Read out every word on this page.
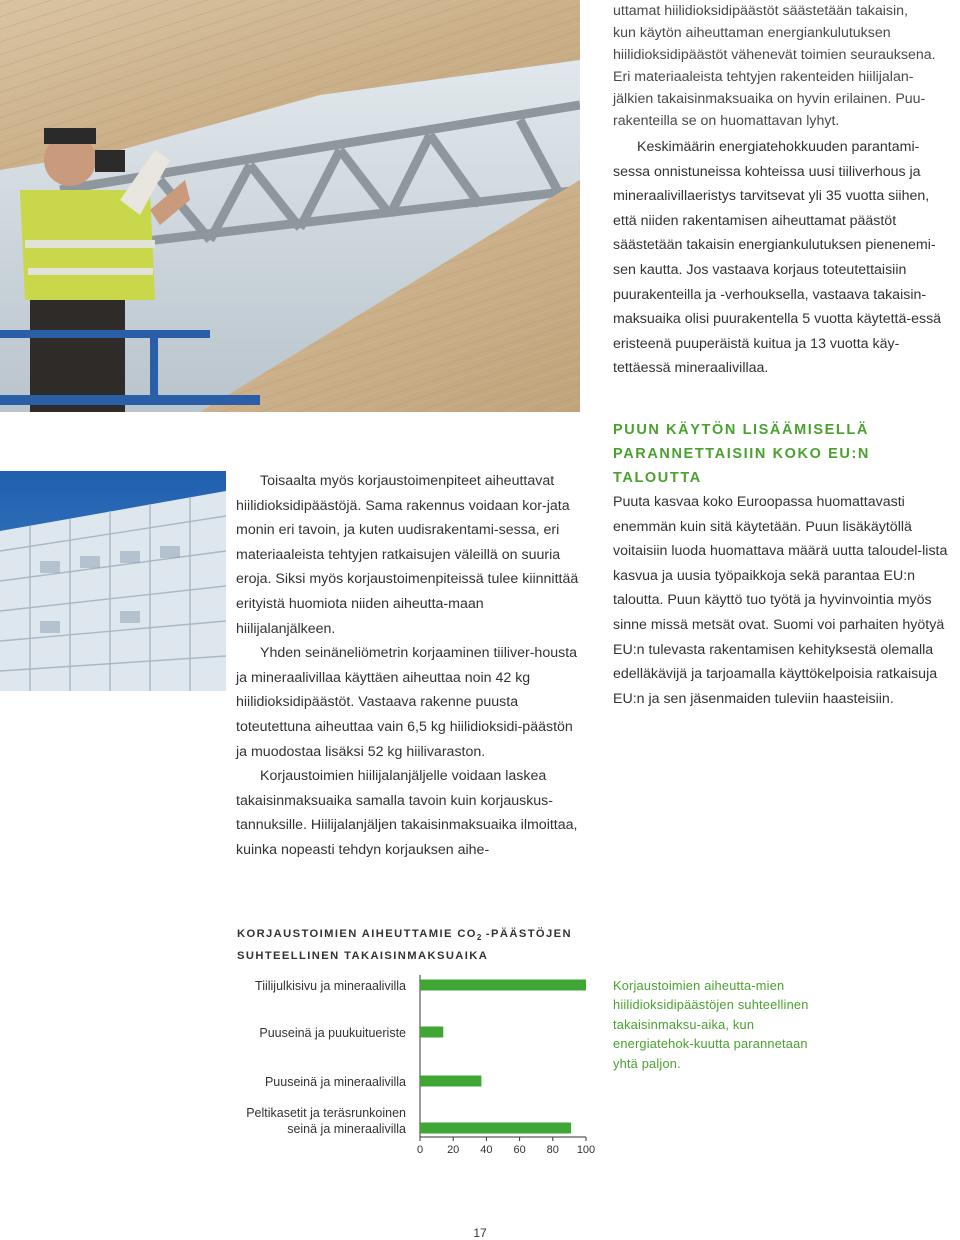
uttamat hiilidioksidipäästöt säästetään takaisin,

kun käytön aiheuttaman energiankulutuksen

hiilidioksidipäästöt vähenevät toimien seurauksena.

Eri materiaaleista tehtyjen rakenteiden hiilijalan-

jälkien takaisinmaksuaika on hyvin erilainen. Puu-

rakenteilla se on huomattavan lyhyt.

Keskimäärin energiatehokkuuden parantami-sessa onnistuneissa kohteissa uusi tiiliverhous ja mineraalivillaeristys tarvitsevat yli 35 vuotta siihen, että niiden rakentamisen aiheuttamat päästöt säästetään takaisin energiankulutuksen pienenemi-sen kautta. Jos vastaava korjaus toteutettaisiin puurakenteilla ja -verhouksella, vastaava takaisin-maksuaika olisi puurakentella 5 vuotta käytettä-essä eristeenä puuperäistä kuitua ja 13 vuotta käy-tettäessä mineraalivillaa.

Toisaalta myös korjaustoimenpiteet aiheuttavat hiilidioksidipäästöjä. Sama rakennus voidaan kor-jata monin eri tavoin, ja kuten uudisrakentami-sessa, eri materiaaleista tehtyjen ratkaisujen väleillä on suuria eroja. Siksi myös korjaustoimenpiteissä tulee kiinnittää erityistä huomiota niiden aiheutta-maan hiilijalanjälkeen.

Yhden seinäneliömetrin korjaaminen tiiliver-housta ja mineraalivillaa käyttäen aiheuttaa noin 42 kg hiilidioksidipäästöt. Vastaava rakenne puusta toteutettuna aiheuttaa vain 6,5 kg hiilidioksidi-päästön ja muodostaa lisäksi 52 kg hiilivaraston.

Korjaustoimien hiilijalanjäljelle voidaan laskea takaisinmaksuaika samalla tavoin kuin korjauskus-tannuksille. Hiilijalanjäljen takaisinmaksuaika ilmoittaa, kuinka nopeasti tehdyn korjauksen aihe-

PUUN KÄYTÖN LISÄÄMISELLÄ
PARANNETTAISIIN KOKO EU:N TALOUTTA

Puuta kasvaa koko Euroopassa huomattavasti enemmän kuin sitä käytetään. Puun lisäkäytöllä voitaisiin luoda huomattava määrä uutta taloudel-lista kasvua ja uusia työpaikkoja sekä parantaa EU:n taloutta. Puun käyttö tuo työtä ja hyvinvointia myös sinne missä metsät ovat. Suomi voi parhaiten hyötyä EU:n tulevasta rakentamisen kehityksestä olemalla edelläkävijä ja tarjoamalla käyttökelpoisia ratkaisuja EU:n ja sen jäsenmaiden tuleviin haasteisiin.

KORJAUSTOIMIEN AIHEUTTAMIE $CO_2$ -PÄÄSTÖJEN
SUHTEELLINEN TAKAISINMAKSUAIKA
0 20 40 60 80 100
Tiilijulkisivu ja mineraalivilla
Puuseinä ja puukuitueriste
Puuseinä ja mineraalivilla
Peltikasetit ja teräsrunkoinen
seinä ja mineraalivilla
Korjaustoimien aiheutta-mien hiilidioksidipäästöjen suhteellinen takaisinmaksu-aika, kun energiatehok-kuutta parannetaan yhtä paljon.
17
